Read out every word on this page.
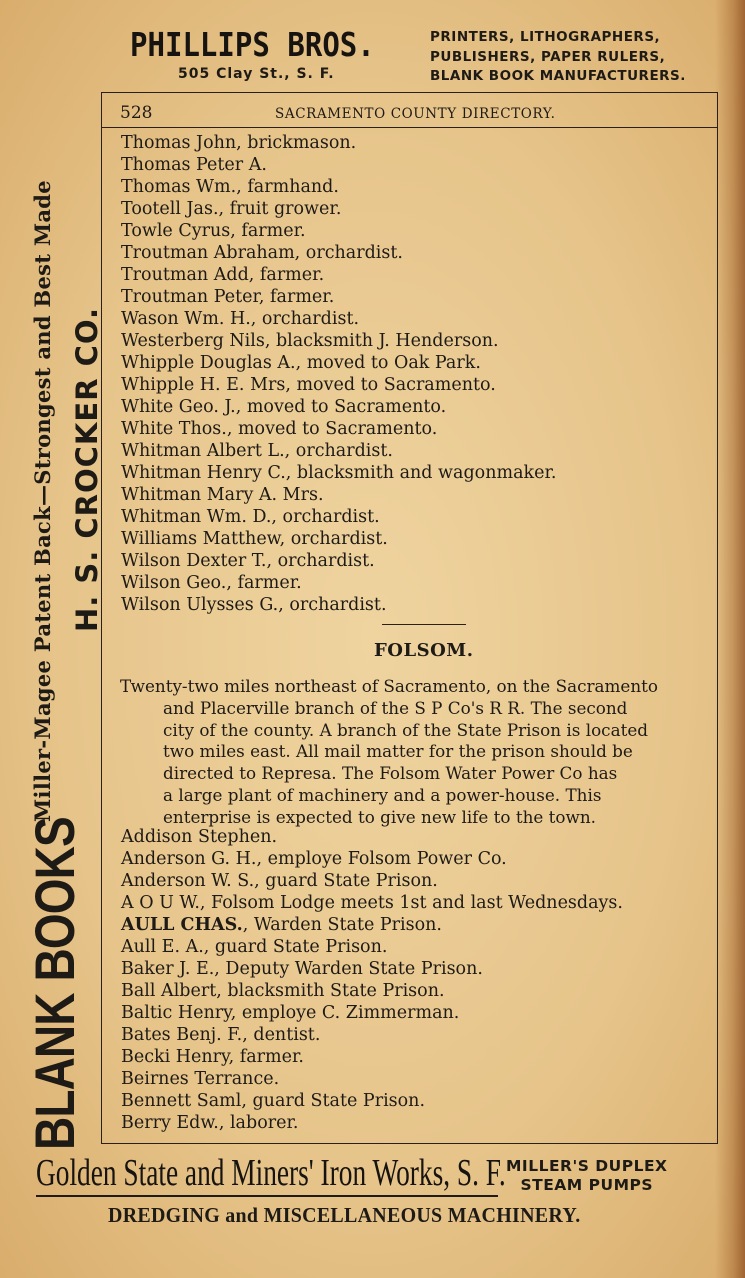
PHILLIPS BROS.
505 Clay St., S. F.
PRINTERS, LITHOGRAPHERS,
PUBLISHERS, PAPER RULERS,
BLANK BOOK MANUFACTURERS.
BLANK BOOKS
Miller-Magee Patent Back—Strongest and Best Made H. S. CROCKER CO.
528	SACRAMENTO COUNTY DIRECTORY.
Thomas John, brickmason.
Thomas Peter A.
Thomas Wm., farmhand.
Tootell Jas., fruit grower.
Towle Cyrus, farmer.
Troutman Abraham, orchardist.
Troutman Add, farmer.
Troutman Peter, farmer.
Wason Wm. H., orchardist.
Westerberg Nils, blacksmith J. Henderson.
Whipple Douglas A., moved to Oak Park.
Whipple H. E. Mrs, moved to Sacramento.
White Geo. J., moved to Sacramento.
White Thos., moved to Sacramento.
Whitman Albert L., orchardist.
Whitman Henry C., blacksmith and wagonmaker.
Whitman Mary A. Mrs.
Whitman Wm. D., orchardist.
Williams Matthew, orchardist.
Wilson Dexter T., orchardist.
Wilson Geo., farmer.
Wilson Ulysses G., orchardist.
FOLSOM.
Twenty-two miles northeast of Sacramento, on the Sacramento
and Placerville branch of the S P Co's R R. The second
city of the county. A branch of the State Prison is located
two miles east. All mail matter for the prison should be
directed to Represa. The Folsom Water Power Co has
a large plant of machinery and a power-house. This
enterprise is expected to give new life to the town.
Addison Stephen.
Anderson G. H., employe Folsom Power Co.
Anderson W. S., guard State Prison.
A O U W., Folsom Lodge meets 1st and last Wednesdays.
AULL CHAS., Warden State Prison.
Aull E. A., guard State Prison.
Baker J. E., Deputy Warden State Prison.
Ball Albert, blacksmith State Prison.
Baltic Henry, employe C. Zimmerman.
Bates Benj. F., dentist.
Becki Henry, farmer.
Beirnes Terrance.
Bennett Saml, guard State Prison.
Berry Edw., laborer.
Golden State and Miners' Iron Works, S. F. MILLER'S DUPLEX
STEAM PUMPS
DREDGING and MISCELLANEOUS MACHINERY.
